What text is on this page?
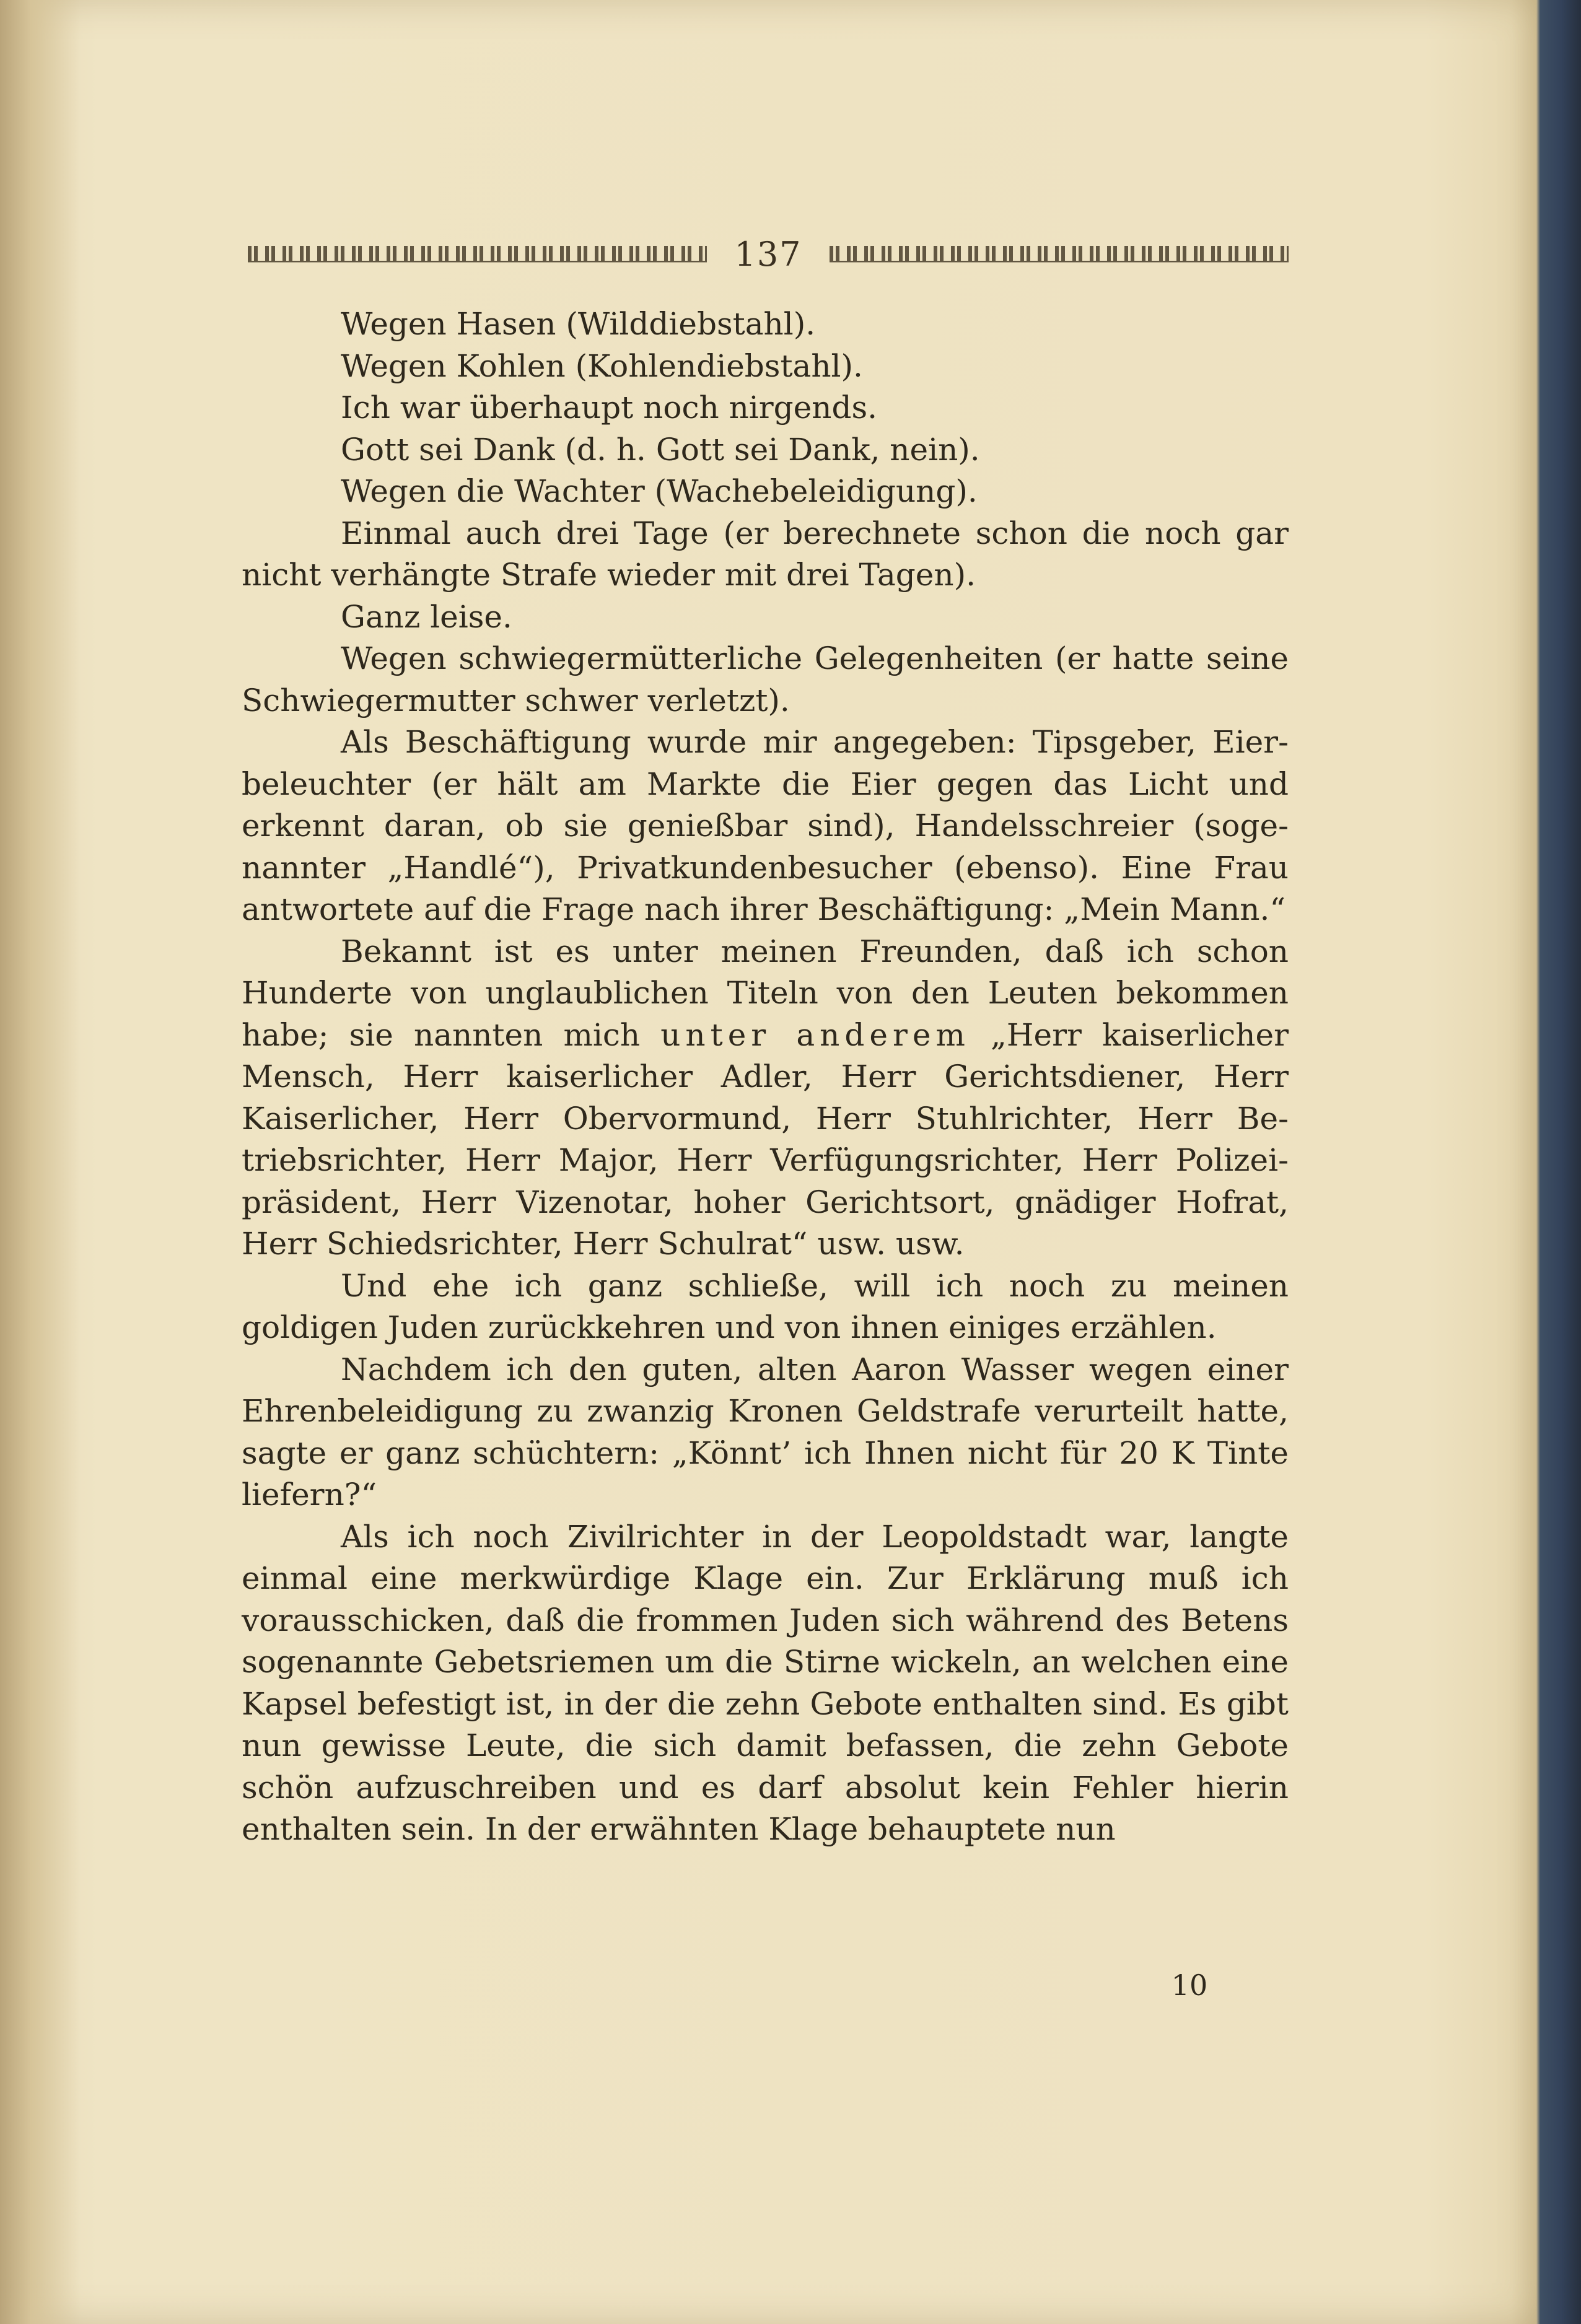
137

Wegen Hasen (Wilddiebstahl).

Wegen Kohlen (Kohlendiebstahl).

Ich war überhaupt noch nirgends.

Gott sei Dank (d. h. Gott sei Dank, nein).

Wegen die Wachter (Wachebeleidigung).

Einmal auch drei Tage (er berechnete schon die noch gar nicht verhängte Strafe wieder mit drei Tagen).

Ganz leise.

Wegen schwiegermütterliche Gelegenheiten (er hatte seine Schwiegermutter schwer verletzt).

Als Beschäftigung wurde mir angegeben: Tipsgeber, Eierbeleuchter (er hält am Markte die Eier gegen das Licht und erkennt daran, ob sie genießbar sind), Handelsschreier (sogenannter „Handlé“), Privatkundenbesucher (ebenso). Eine Frau antwortete auf die Frage nach ihrer Beschäftigung: „Mein Mann.“

Bekannt ist es unter meinen Freunden, daß ich schon Hunderte von unglaublichen Titeln von den Leuten bekommen habe; sie nannten mich unter anderem „Herr kaiserlicher Mensch, Herr kaiserlicher Adler, Herr Gerichtsdiener, Herr Kaiserlicher, Herr Obervormund, Herr Stuhlrichter, Herr Betriebsrichter, Herr Major, Herr Verfügungsrichter, Herr Polizeipräsident, Herr Vizenotar, hoher Gerichtsort, gnädiger Hofrat, Herr Schiedsrichter, Herr Schulrat“ usw. usw.

Und ehe ich ganz schließe, will ich noch zu meinen goldigen Juden zurückkehren und von ihnen einiges erzählen.

Nachdem ich den guten, alten Aaron Wasser wegen einer Ehrenbeleidigung zu zwanzig Kronen Geldstrafe verurteilt hatte, sagte er ganz schüchtern: „Könnt’ ich Ihnen nicht für 20 K Tinte liefern?“

Als ich noch Zivilrichter in der Leopoldstadt war, langte einmal eine merkwürdige Klage ein. Zur Erklärung muß ich vorausschicken, daß die frommen Juden sich während des Betens sogenannte Gebetsriemen um die Stirne wickeln, an welchen eine Kapsel befestigt ist, in der die zehn Gebote enthalten sind. Es gibt nun gewisse Leute, die sich damit befassen, die zehn Gebote schön aufzuschreiben und es darf absolut kein Fehler hierin enthalten sein. In der erwähnten Klage behauptete nun

10
